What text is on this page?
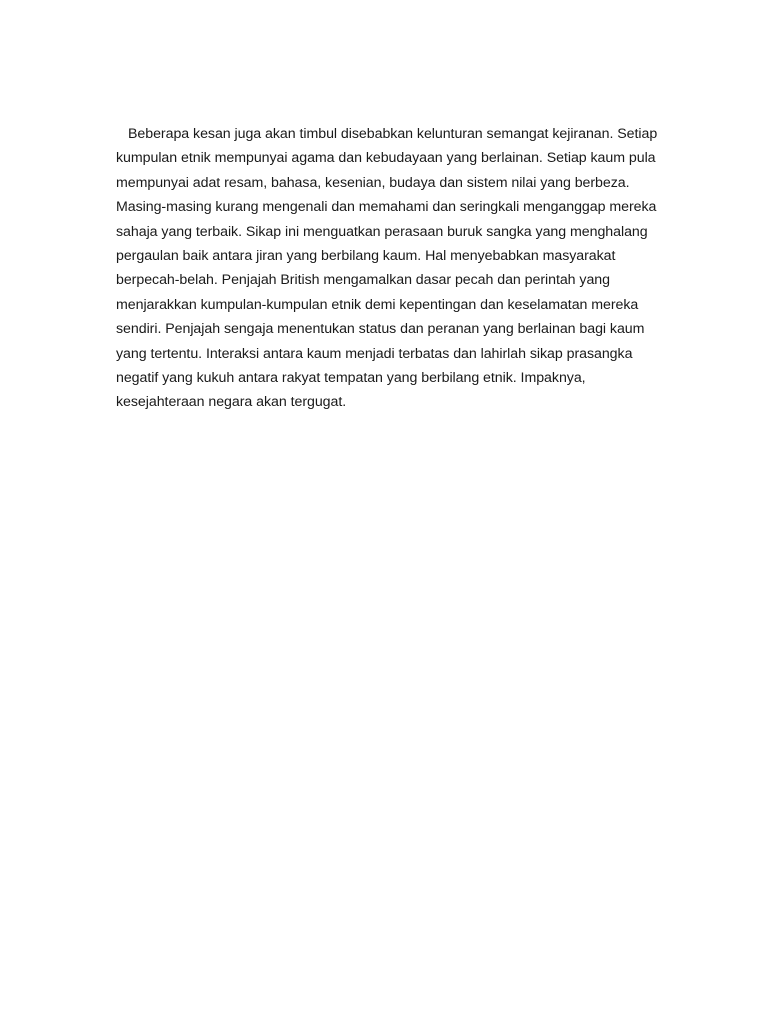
Beberapa kesan juga akan timbul disebabkan kelunturan semangat kejiranan. Setiap
kumpulan etnik mempunyai agama dan kebudayaan yang berlainan. Setiap kaum pula
mempunyai adat resam, bahasa, kesenian, budaya dan sistem nilai yang berbeza.
Masing-masing kurang mengenali dan memahami dan seringkali menganggap mereka
sahaja yang terbaik. Sikap ini menguatkan perasaan buruk sangka yang menghalang
pergaulan baik antara jiran yang berbilang kaum. Hal menyebabkan masyarakat
berpecah-belah. Penjajah British mengamalkan dasar pecah dan perintah yang
menjarakkan kumpulan-kumpulan etnik demi kepentingan dan keselamatan mereka
sendiri. Penjajah sengaja menentukan status dan peranan yang berlainan bagi kaum
yang tertentu. Interaksi antara kaum menjadi terbatas dan lahirlah sikap prasangka
negatif yang kukuh antara rakyat tempatan yang berbilang etnik. Impaknya,
kesejahteraan negara akan tergugat.
